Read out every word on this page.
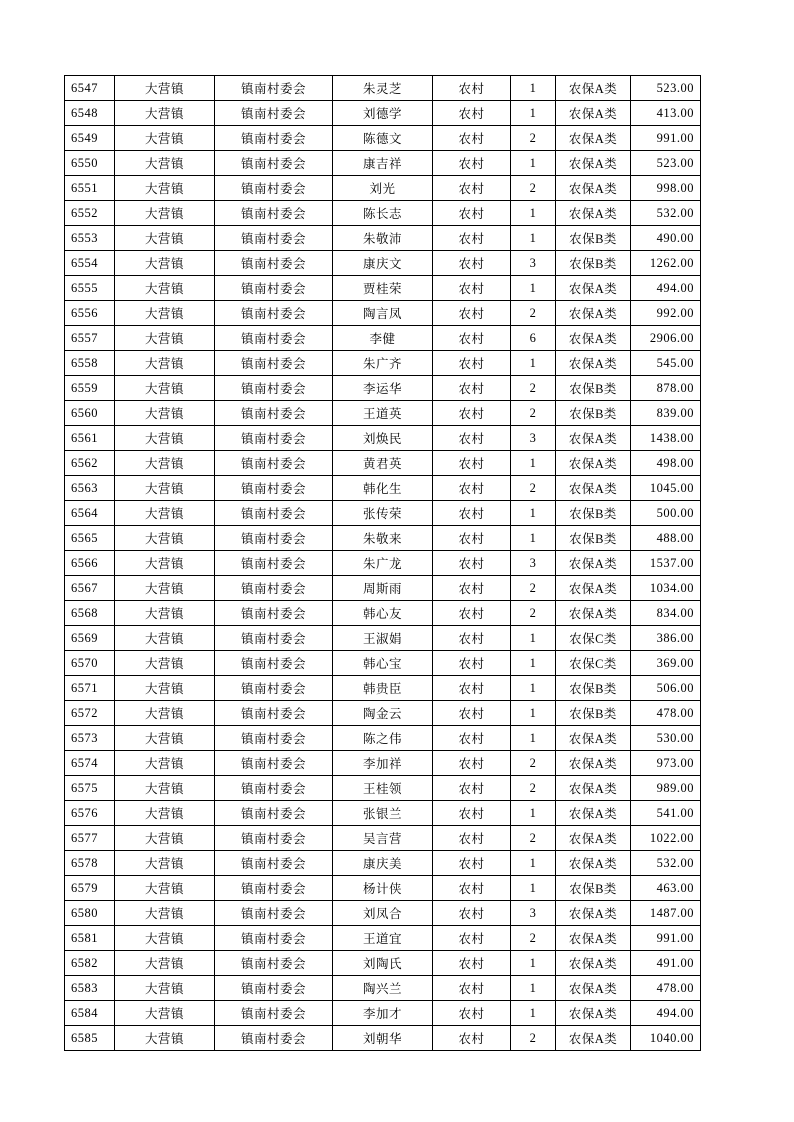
6547	大营镇	镇南村委会	朱灵芝	农村	1	农保A类	523.00
6548	大营镇	镇南村委会	刘德学	农村	1	农保A类	413.00
6549	大营镇	镇南村委会	陈德文	农村	2	农保A类	991.00
6550	大营镇	镇南村委会	康吉祥	农村	1	农保A类	523.00
6551	大营镇	镇南村委会	刘光	农村	2	农保A类	998.00
6552	大营镇	镇南村委会	陈长志	农村	1	农保A类	532.00
6553	大营镇	镇南村委会	朱敬沛	农村	1	农保B类	490.00
6554	大营镇	镇南村委会	康庆文	农村	3	农保B类	1262.00
6555	大营镇	镇南村委会	贾桂荣	农村	1	农保A类	494.00
6556	大营镇	镇南村委会	陶言凤	农村	2	农保A类	992.00
6557	大营镇	镇南村委会	李健	农村	6	农保A类	2906.00
6558	大营镇	镇南村委会	朱广齐	农村	1	农保A类	545.00
6559	大营镇	镇南村委会	李运华	农村	2	农保B类	878.00
6560	大营镇	镇南村委会	王道英	农村	2	农保B类	839.00
6561	大营镇	镇南村委会	刘焕民	农村	3	农保A类	1438.00
6562	大营镇	镇南村委会	黄君英	农村	1	农保A类	498.00
6563	大营镇	镇南村委会	韩化生	农村	2	农保A类	1045.00
6564	大营镇	镇南村委会	张传荣	农村	1	农保B类	500.00
6565	大营镇	镇南村委会	朱敬来	农村	1	农保B类	488.00
6566	大营镇	镇南村委会	朱广龙	农村	3	农保A类	1537.00
6567	大营镇	镇南村委会	周斯雨	农村	2	农保A类	1034.00
6568	大营镇	镇南村委会	韩心友	农村	2	农保A类	834.00
6569	大营镇	镇南村委会	王淑娟	农村	1	农保C类	386.00
6570	大营镇	镇南村委会	韩心宝	农村	1	农保C类	369.00
6571	大营镇	镇南村委会	韩贵臣	农村	1	农保B类	506.00
6572	大营镇	镇南村委会	陶金云	农村	1	农保B类	478.00
6573	大营镇	镇南村委会	陈之伟	农村	1	农保A类	530.00
6574	大营镇	镇南村委会	李加祥	农村	2	农保A类	973.00
6575	大营镇	镇南村委会	王桂领	农村	2	农保A类	989.00
6576	大营镇	镇南村委会	张银兰	农村	1	农保A类	541.00
6577	大营镇	镇南村委会	吴言营	农村	2	农保A类	1022.00
6578	大营镇	镇南村委会	康庆美	农村	1	农保A类	532.00
6579	大营镇	镇南村委会	杨计侠	农村	1	农保B类	463.00
6580	大营镇	镇南村委会	刘凤合	农村	3	农保A类	1487.00
6581	大营镇	镇南村委会	王道宜	农村	2	农保A类	991.00
6582	大营镇	镇南村委会	刘陶氏	农村	1	农保A类	491.00
6583	大营镇	镇南村委会	陶兴兰	农村	1	农保A类	478.00
6584	大营镇	镇南村委会	李加才	农村	1	农保A类	494.00
6585	大营镇	镇南村委会	刘朝华	农村	2	农保A类	1040.00
